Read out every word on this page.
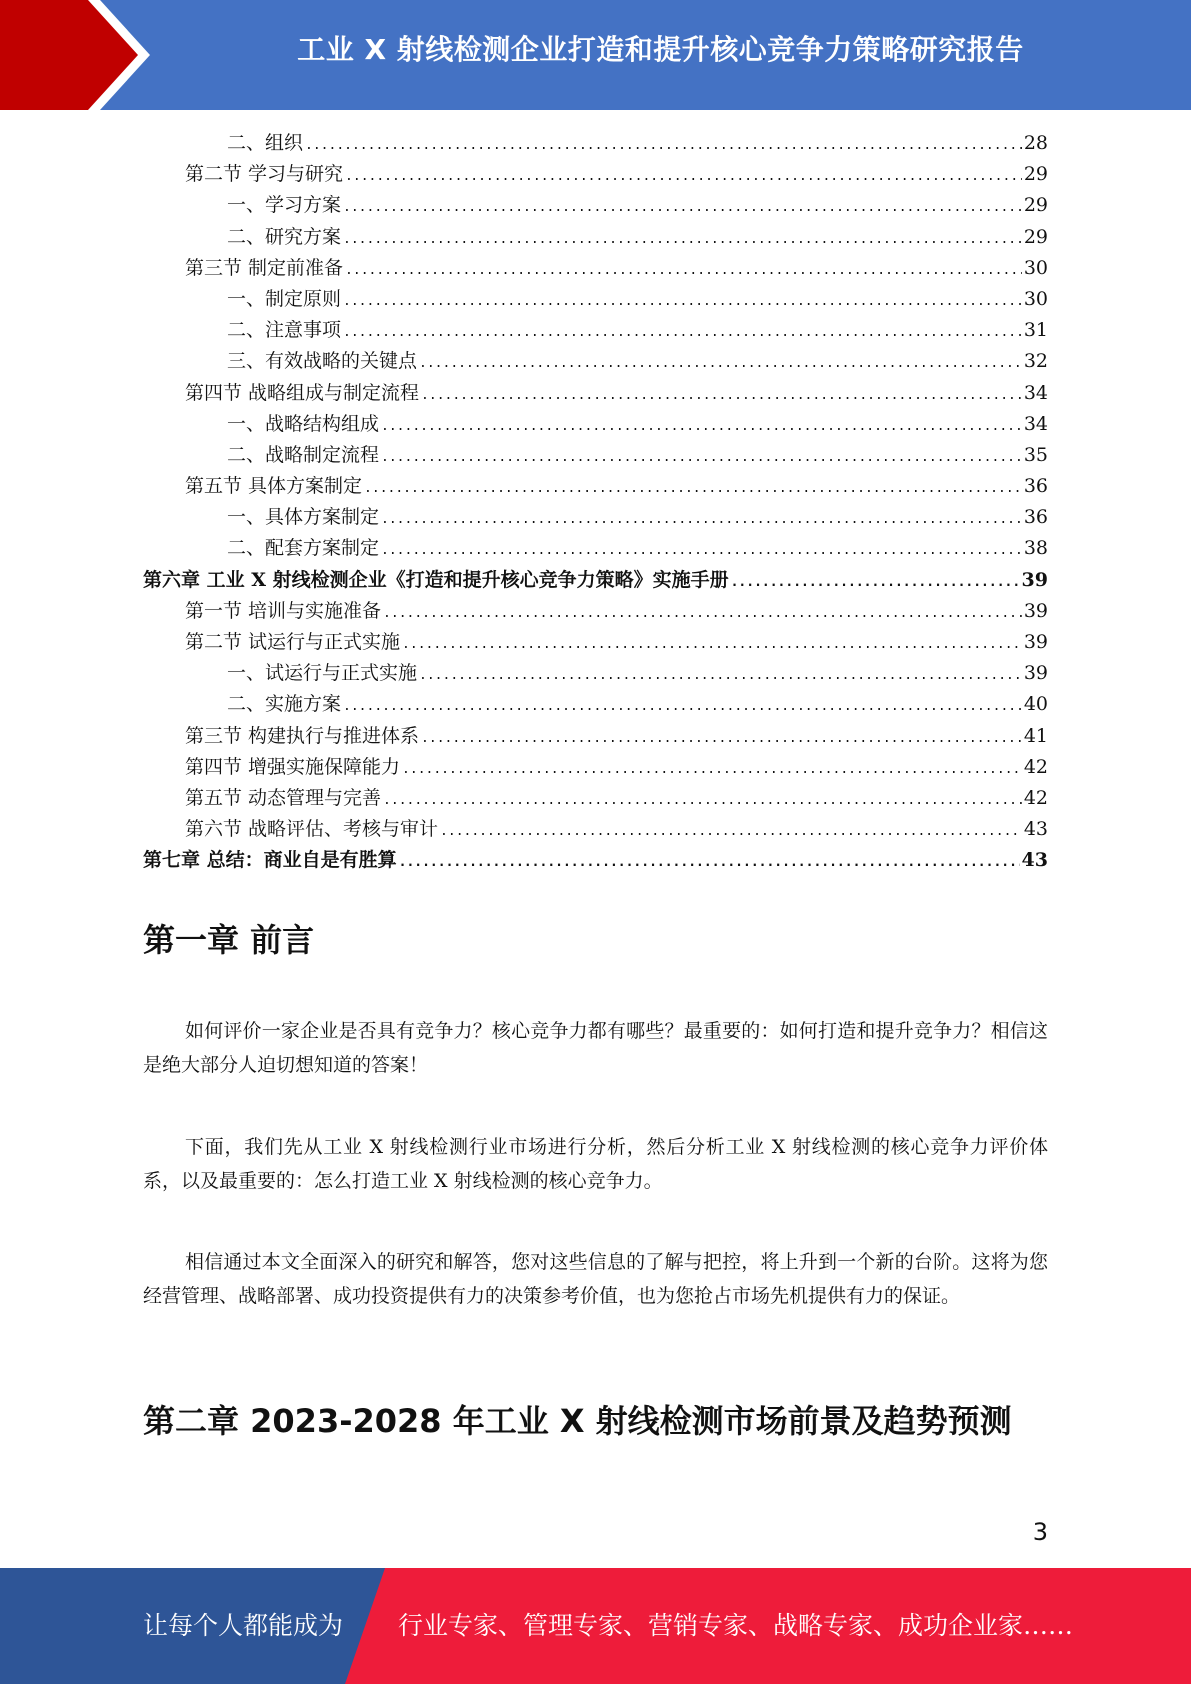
工业 X 射线检测企业打造和提升核心竞争力策略研究报告
二、组织 .....	28
第二节 学习与研究 .....	29
一、学习方案 .....	29
二、研究方案 .....	29
第三节 制定前准备 .....	30
一、制定原则 .....	30
二、注意事项 .....	31
三、有效战略的关键点 .....	32
第四节 战略组成与制定流程 .....	34
一、战略结构组成 .....	34
二、战略制定流程 .....	35
第五节 具体方案制定 .....	36
一、具体方案制定 .....	36
二、配套方案制定 .....	38
第六章 工业 X 射线检测企业《打造和提升核心竞争力策略》实施手册 .....	39
第一节 培训与实施准备 .....	39
第二节 试运行与正式实施 .....	39
一、试运行与正式实施 .....	39
二、实施方案 .....	40
第三节 构建执行与推进体系 .....	41
第四节 增强实施保障能力 .....	42
第五节 动态管理与完善 .....	42
第六节 战略评估、考核与审计 .....	43
第七章 总结：商业自是有胜算 .....	43
第一章 前言
如何评价一家企业是否具有竞争力？核心竞争力都有哪些？最重要的：如何打造和提升竞争力？相信这是绝大部分人迫切想知道的答案！
下面，我们先从工业 X 射线检测行业市场进行分析，然后分析工业 X 射线检测的核心竞争力评价体系，以及最重要的：怎么打造工业 X 射线检测的核心竞争力。
相信通过本文全面深入的研究和解答，您对这些信息的了解与把控，将上升到一个新的台阶。这将为您经营管理、战略部署、成功投资提供有力的决策参考价值，也为您抢占市场先机提供有力的保证。
第二章 2023-2028 年工业 X 射线检测市场前景及趋势预测
3
让每个人都能成为 行业专家、管理专家、营销专家、战略专家、成功企业家……
